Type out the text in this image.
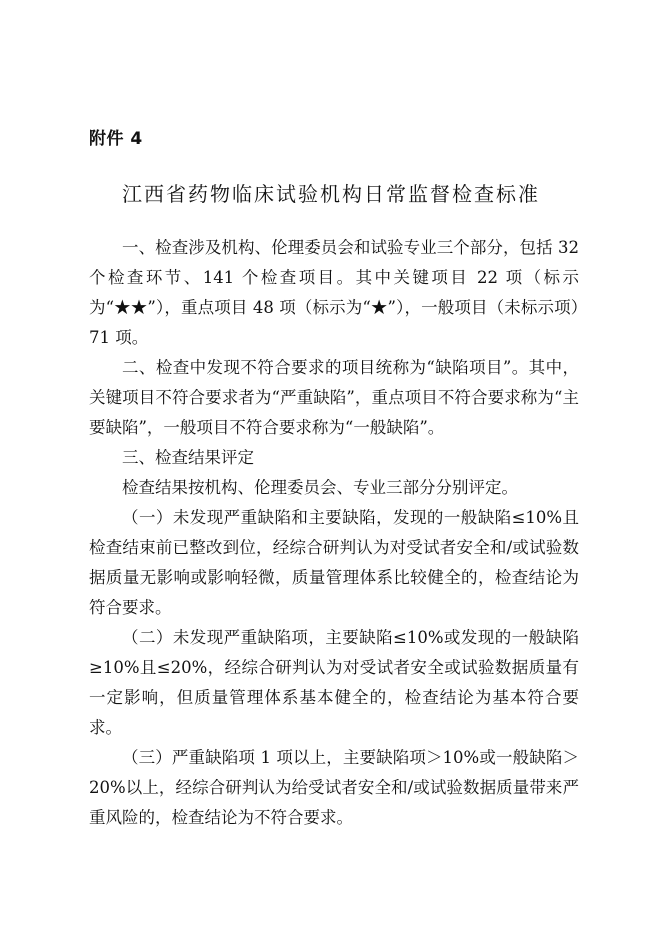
附件 4
江西省药物临床试验机构日常监督检查标准

一、检查涉及机构、伦理委员会和试验专业三个部分，包括 32 个检查环节、141 个检查项目。其中关键项目 22 项（标示为“★★”），重点项目 48 项（标示为“★”），一般项目（未标示项）71 项。

二、检查中发现不符合要求的项目统称为“缺陷项目”。其中，关键项目不符合要求者为“严重缺陷”，重点项目不符合要求称为“主要缺陷”，一般项目不符合要求称为“一般缺陷”。

三、检查结果评定

检查结果按机构、伦理委员会、专业三部分分别评定。

（一）未发现严重缺陷和主要缺陷，发现的一般缺陷≤10%且检查结束前已整改到位，经综合研判认为对受试者安全和/或试验数据质量无影响或影响轻微，质量管理体系比较健全的，检查结论为符合要求。

（二）未发现严重缺陷项，主要缺陷≤10%或发现的一般缺陷≥10%且≤20%，经综合研判认为对受试者安全或试验数据质量有一定影响，但质量管理体系基本健全的，检查结论为基本符合要求。

（三）严重缺陷项 1 项以上，主要缺陷项＞10%或一般缺陷＞20%以上，经综合研判认为给受试者安全和/或试验数据质量带来严重风险的，检查结论为不符合要求。
